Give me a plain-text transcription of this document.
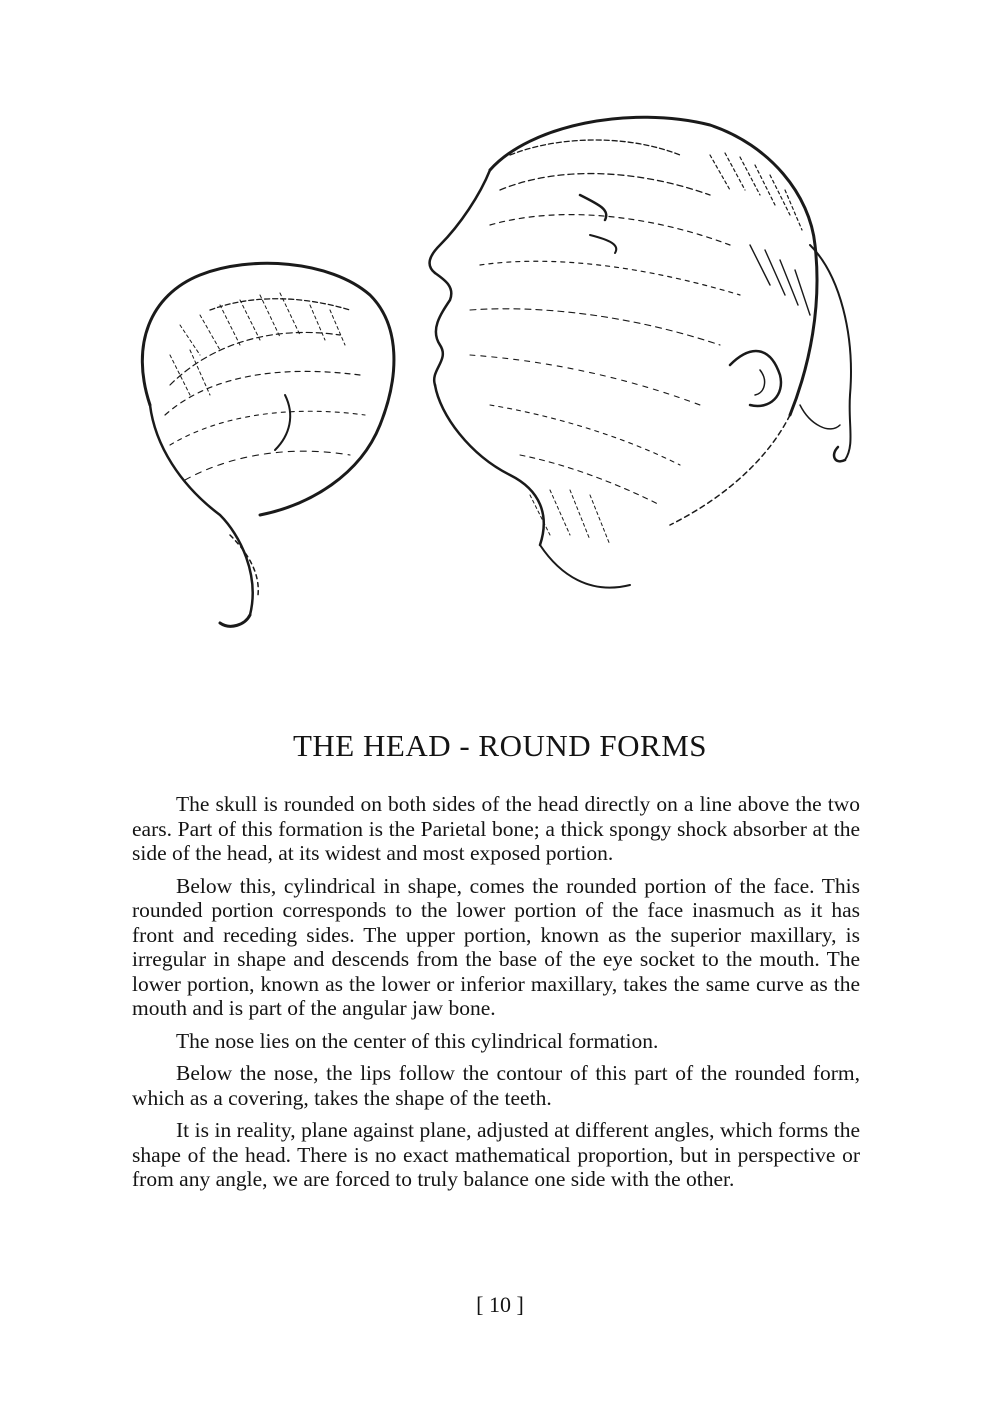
THE HEAD - ROUND FORMS

The skull is rounded on both sides of the head directly on a line above the two ears. Part of this formation is the Parietal bone; a thick spongy shock absorber at the side of the head, at its widest and most exposed portion.

Below this, cylindrical in shape, comes the rounded portion of the face. This rounded portion corresponds to the lower portion of the face inasmuch as it has front and receding sides. The upper portion, known as the superior maxillary, is irregular in shape and descends from the base of the eye socket to the mouth. The lower portion, known as the lower or inferior maxillary, takes the same curve as the mouth and is part of the angular jaw bone.

The nose lies on the center of this cylindrical formation.

Below the nose, the lips follow the contour of this part of the rounded form, which as a covering, takes the shape of the teeth.

It is in reality, plane against plane, adjusted at different angles, which forms the shape of the head. There is no exact mathematical proportion, but in perspective or from any angle, we are forced to truly balance one side with the other.

[ 10 ]
